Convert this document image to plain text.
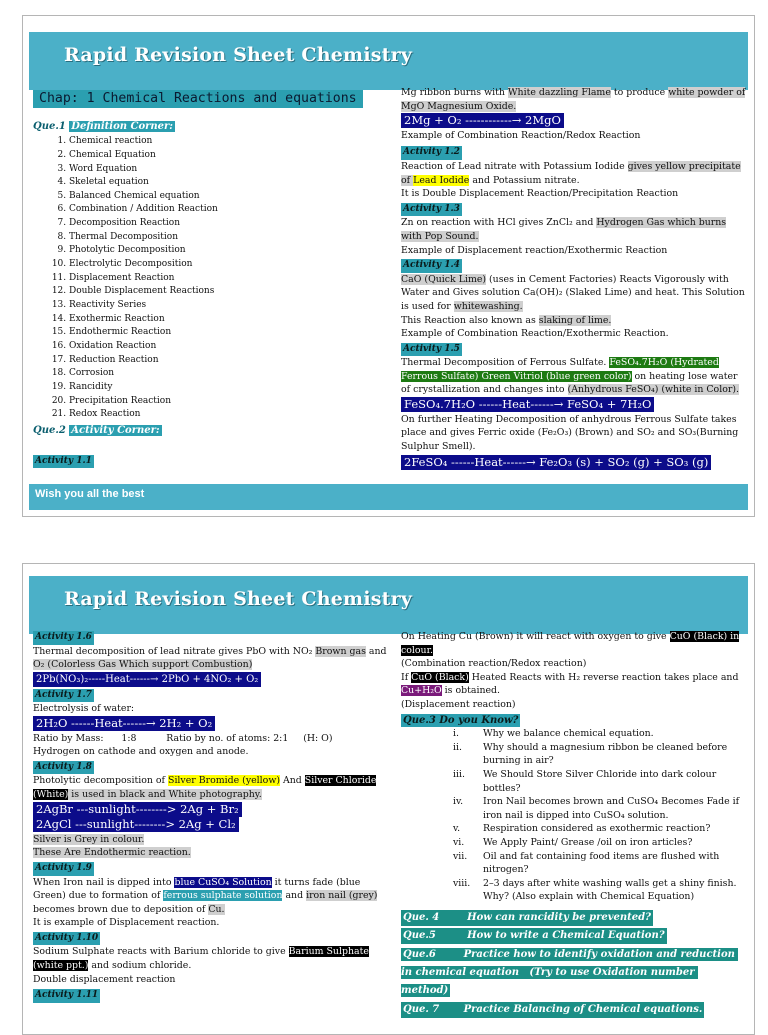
Rapid Revision Sheet Chemistry
Chap: 1 Chemical Reactions and equations
Que.1 Definition Corner:
1. Chemical reaction
2. Chemical Equation
3. Word Equation
4. Skeletal equation
5. Balanced Chemical equation
6. Combination / Addition Reaction
7. Decomposition Reaction
8. Thermal Decomposition
9. Photolytic Decomposition
10. Electrolytic Decomposition
11. Displacement Reaction
12. Double Displacement Reactions
13. Reactivity Series
14. Exothermic Reaction
15. Endothermic Reaction
16. Oxidation Reaction
17. Reduction Reaction
18. Corrosion
19. Rancidity
20. Precipitation Reaction
21. Redox Reaction
Que.2 Activity Corner:
Activity 1.1

Mg ribbon burns with White dazzling Flame to produce white powder of MgO Magnesium Oxide.

2Mg + O₂ ------------→ 2MgO

Example of Combination Reaction/Redox Reaction

Activity 1.2

Reaction of Lead nitrate with Potassium Iodide gives yellow precipitate of Lead Iodide and Potassium nitrate.

It is Double Displacement Reaction/Precipitation Reaction

Activity 1.3

Zn on reaction with HCl gives ZnCl₂ and Hydrogen Gas which burns with Pop Sound.

Example of Displacement reaction/Exothermic Reaction

Activity 1.4

CaO (Quick Lime) (uses in Cement Factories) Reacts Vigorously with Water and Gives solution Ca(OH)₂ (Slaked Lime) and heat. This Solution is used for whitewashing.

This Reaction also known as slaking of lime.

Example of Combination Reaction/Exothermic Reaction.

Activity 1.5

Thermal Decomposition of Ferrous Sulfate. FeSO₄.7H₂O (Hydrated Ferrous Sulfate) Green Vitriol (blue green color) on heating lose water of crystallization and changes into (Anhydrous FeSO₄) (white in Color).

FeSO₄.7H₂O ------Heat------→ FeSO₄ + 7H₂O

On further Heating Decomposition of anhydrous Ferrous Sulfate takes place and gives Ferric oxide (Fe₂O₃) (Brown) and SO₂ and SO₃(Burning Sulphur Smell).

2FeSO₄ ------Heat------→ Fe₂O₃ (s) + SO₂ (g) + SO₃ (g)

Wish you all the best
Rapid Revision Sheet Chemistry

Activity 1.6

Thermal decomposition of lead nitrate gives PbO with NO₂ Brown gas and O₂ (Colorless Gas Which support Combustion)

2Pb(NO₃)₂-----Heat------→ 2PbO + 4NO₂ + O₂

Activity 1.7

Electrolysis of water:

2H₂O ------Heat------→ 2H₂ + O₂

Ratio by Mass:      1:8          Ratio by no. of atoms: 2:1     (H: O)

Hydrogen on cathode and oxygen and anode.

Activity 1.8

Photolytic decomposition of Silver Bromide (yellow) And Silver Chloride (White) is used in black and White photography.

2AgBr ---sunlight--------> 2Ag + Br₂

2AgCl ---sunlight--------> 2Ag + Cl₂

Silver is Grey in colour.

These Are Endothermic reaction.

Activity 1.9

When Iron nail is dipped into blue CuSO₄ Solution it turns fade (blue Green) due to formation of ferrous sulphate solution and iron nail (grey) becomes brown due to deposition of Cu.

It is example of Displacement reaction.

Activity 1.10

Sodium Sulphate reacts with Barium chloride to give Barium Sulphate (white ppt.) and sodium chloride.

Double displacement reaction

Activity 1.11

On Heating Cu (Brown) it will react with oxygen to give CuO (Black) in colour.

(Combination reaction/Redox reaction)

If CuO (Black) Heated Reacts with H₂ reverse reaction takes place and Cu+H₂O is obtained.

(Displacement reaction)

Que.3 Do you Know?

i.	Why we balance chemical equation.
ii.	Why should a magnesium ribbon be cleaned before burning in air?
iii.	We Should Store Silver Chloride into dark colour bottles?
iv.	Iron Nail becomes brown and CuSO₄ Becomes Fade if iron nail is dipped into CuSO₄ solution.
v.	Respiration considered as exothermic reaction?
vi.	We Apply Paint/ Grease /oil on iron articles?
vii.	Oil and fat containing food items are flushed with nitrogen?
viii. 2–3 days after white washing walls get a shiny finish. Why? (Also explain with Chemical Equation)

Que. 4        How can rancidity be prevented?

Que.5         How to write a Chemical Equation?

Que.6        Practice how to identify oxidation and reduction in chemical equation   (Try to use Oxidation number method)

Que. 7       Practice Balancing of Chemical equations.
